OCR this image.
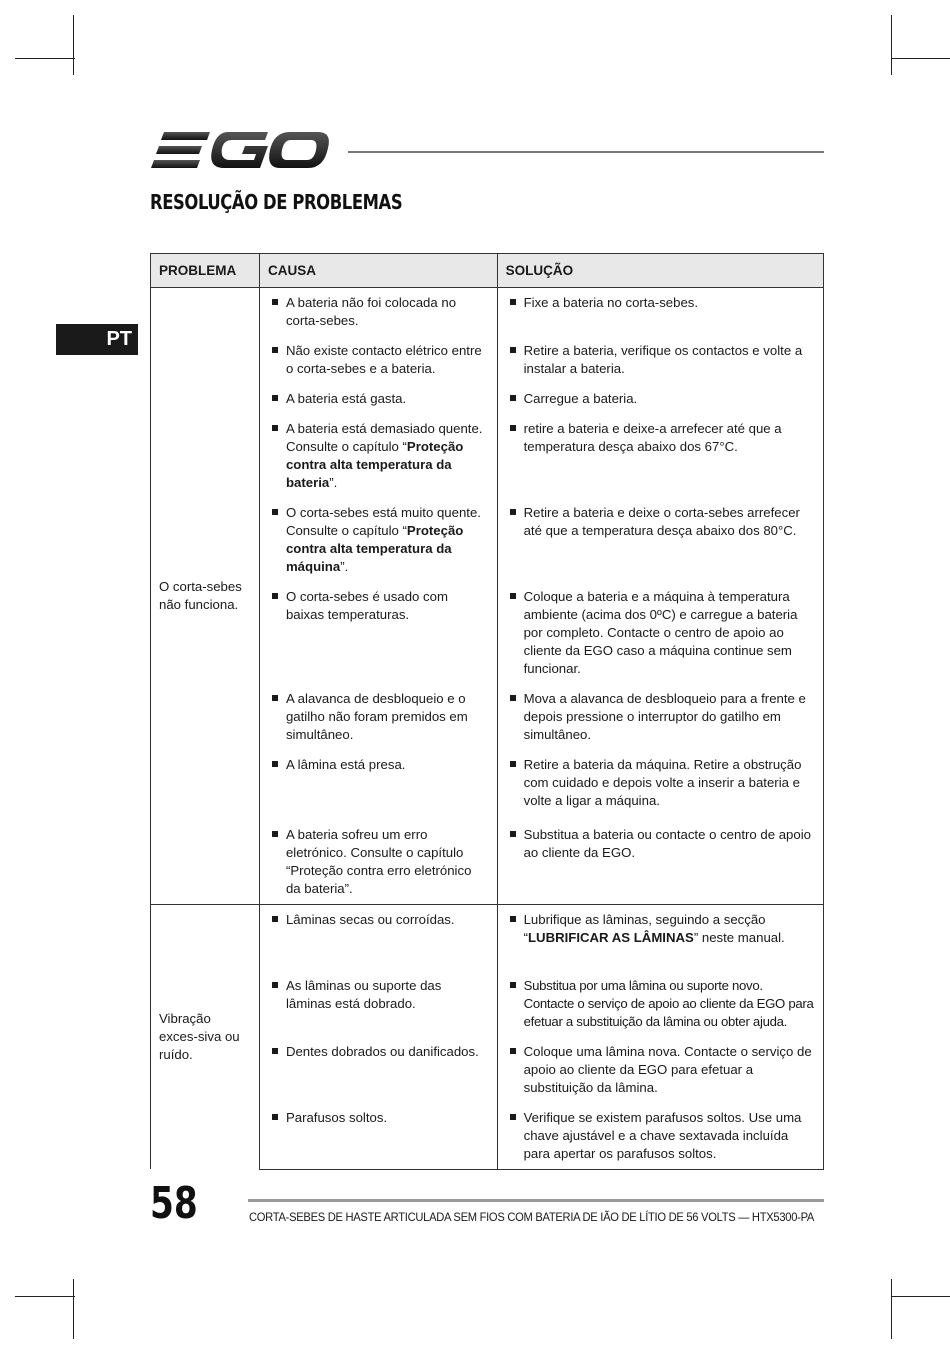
RESOLUÇÃO DE PROBLEMAS
PT
PROBLEMA	CAUSA	SOLUÇÃO
O corta-sebes não funciona.	A bateria não foi colocada no corta-sebes.	Fixe a bateria no corta-sebes.

	Não existe contacto elétrico entre o corta-sebes e a bateria.	Retire a bateria, verifique os contactos e volte a instalar a bateria.

	A bateria está gasta.	Carregue a bateria.

	A bateria está demasiado quente. Consulte o capítulo “Proteção contra alta temperatura da bateria”.	retire a bateria e deixe-a arrefecer até que a temperatura desça abaixo dos 67°C.

	O corta-sebes está muito quente. Consulte o capítulo “Proteção contra alta temperatura da máquina”.	Retire a bateria e deixe o corta-sebes arrefecer até que a temperatura desça abaixo dos 80°C.

	O corta-sebes é usado com baixas temperaturas.	Coloque a bateria e a máquina à temperatura ambiente (acima dos 0ºC) e carregue a bateria por completo. Contacte o centro de apoio ao cliente da EGO caso a máquina continue sem funcionar.

	A alavanca de desbloqueio e o gatilho não foram premidos em simultâneo.	Mova a alavanca de desbloqueio para a frente e depois pressione o interruptor do gatilho em simultâneo.

	A lâmina está presa.	Retire a bateria da máquina. Retire a obstrução com cuidado e depois volte a inserir a bateria e volte a ligar a máquina.

	A bateria sofreu um erro eletrónico. Consulte o capítulo “Proteção contra erro eletrónico da bateria”.	Substitua a bateria ou contacte o centro de apoio ao cliente da EGO.

Vibração exces-siva ou ruído.	Lâminas secas ou corroídas.	Lubrifique as lâminas, seguindo a secção “LUBRIFICAR AS LÂMINAS” neste manual.

	As lâminas ou suporte das lâminas está dobrado.	Substitua por uma lâmina ou suporte novo. Contacte o serviço de apoio ao cliente da EGO para efetuar a substituição da lâmina ou obter ajuda.

	Dentes dobrados ou danificados.	Coloque uma lâmina nova. Contacte o serviço de apoio ao cliente da EGO para efetuar a substituição da lâmina.

	Parafusos soltos.	Verifique se existem parafusos soltos. Use uma chave ajustável e a chave sextavada incluída para apertar os parafusos soltos.
58	CORTA-SEBES DE HASTE ARTICULADA SEM FIOS COM BATERIA DE IÃO DE LÍTIO DE 56 VOLTS — HTX5300-PA
